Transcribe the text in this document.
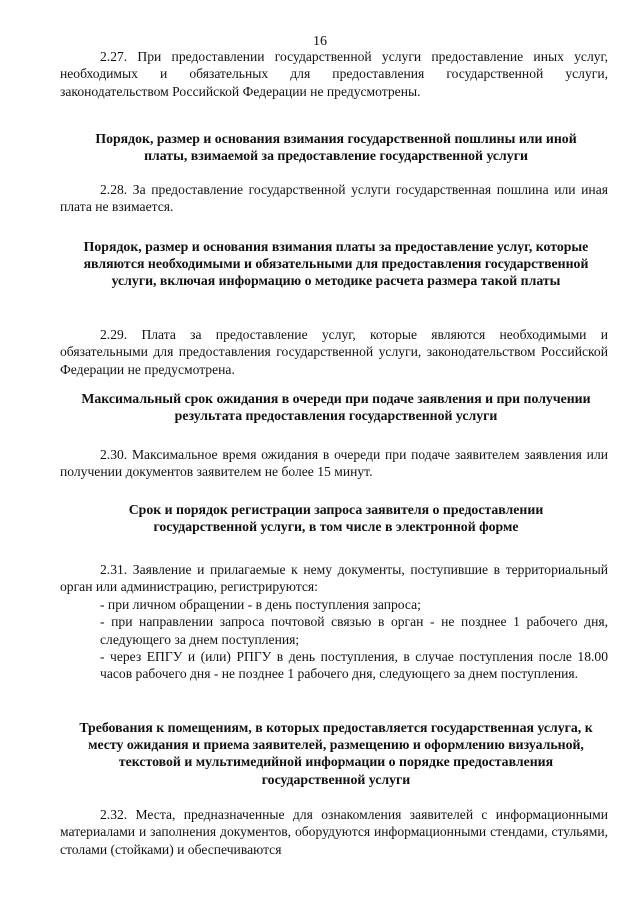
16

2.27. При предоставлении государственной услуги предоставление иных услуг, необходимых и обязательных для предоставления государственной услуги, законодательством Российской Федерации не предусмотрены.

Порядок, размер и основания взимания государственной пошлины или иной платы, взимаемой за предоставление государственной услуги

2.28. За предоставление государственной услуги государственная пошлина или иная плата не взимается.

Порядок, размер и основания взимания платы за предоставление услуг, которые являются необходимыми и обязательными для предоставления государственной услуги, включая информацию о методике расчета размера такой платы

2.29. Плата за предоставление услуг, которые являются необходимыми и обязательными для предоставления государственной услуги, законодательством Российской Федерации не предусмотрена.

Максимальный срок ожидания в очереди при подаче заявления и при получении результата предоставления государственной услуги

2.30. Максимальное время ожидания в очереди при подаче заявителем заявления или получении документов заявителем не более 15 минут.

Срок и порядок регистрации запроса заявителя о предоставлении государственной услуги, в том числе в электронной форме

2.31. Заявление и прилагаемые к нему документы, поступившие в территориальный орган или администрацию, регистрируются:
- при личном обращении - в день поступления запроса;
- при направлении запроса почтовой связью в орган - не позднее 1 рабочего дня, следующего за днем поступления;
- через ЕПГУ и (или) РПГУ в день поступления, в случае поступления после 18.00 часов рабочего дня - не позднее 1 рабочего дня, следующего за днем поступления.

Требования к помещениям, в которых предоставляется государственная услуга, к месту ожидания и приема заявителей, размещению и оформлению визуальной, текстовой и мультимедийной информации о порядке предоставления государственной услуги

2.32. Места, предназначенные для ознакомления заявителей с информационными материалами и заполнения документов, оборудуются информационными стендами, стульями, столами (стойками) и обеспечиваются
